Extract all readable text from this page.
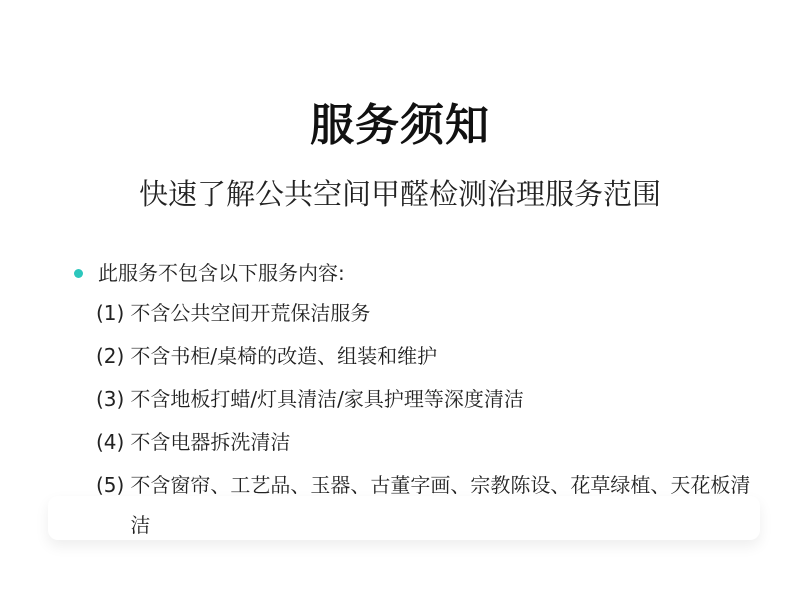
服务须知
快速了解公共空间甲醛检测治理服务范围
此服务不包含以下服务内容:
(1) 不含公共空间开荒保洁服务
(2) 不含书柜/桌椅的改造、组装和维护
(3) 不含地板打蜡/灯具清洁/家具护理等深度清洁
(4) 不含电器拆洗清洁
(5) 不含窗帘、工艺品、玉器、古董字画、宗教陈设、花草绿植、天花板清洁
